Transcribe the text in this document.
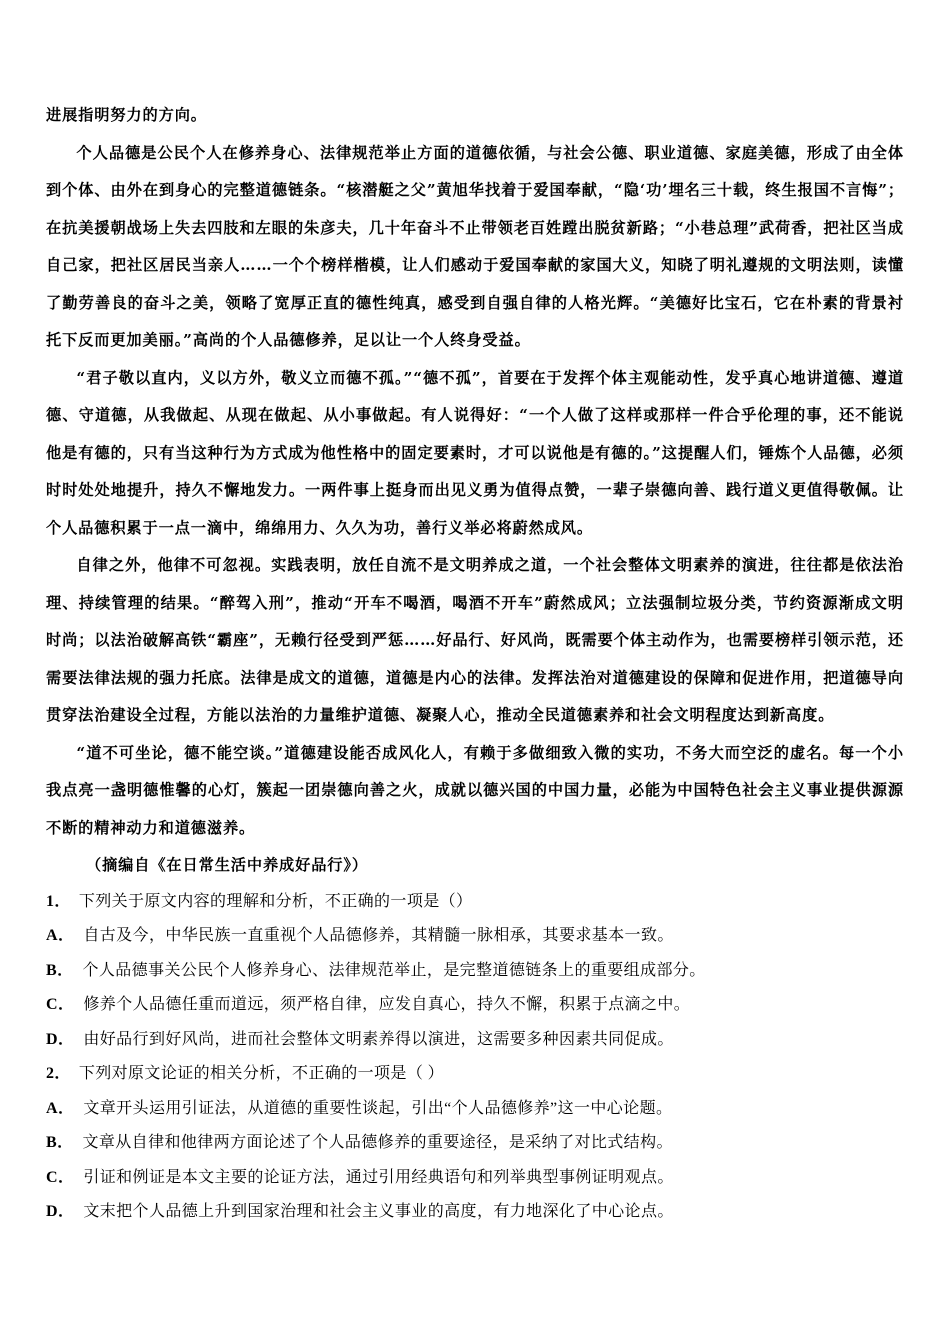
进展指明努力的方向。

个人品德是公民个人在修养身心、法律规范举止方面的道德依循，与社会公德、职业道德、家庭美德，形成了由全体到个体、由外在到身心的完整道德链条。“核潜艇之父”黄旭华找着于爱国奉献，“隐‘功’埋名三十载，终生报国不言悔”；在抗美援朝战场上失去四肢和左眼的朱彦夫，几十年奋斗不止带领老百姓蹚出脱贫新路；“小巷总理”武荷香，把社区当成自己家，把社区居民当亲人……一个个榜样楷模，让人们感动于爱国奉献的家国大义，知晓了明礼遵规的文明法则，读懂了勤劳善良的奋斗之美，领略了宽厚正直的德性纯真，感受到自强自律的人格光辉。“美德好比宝石，它在朴素的背景衬托下反而更加美丽。”高尚的个人品德修养，足以让一个人终身受益。

“君子敬以直内，义以方外，敬义立而德不孤。”“德不孤”，首要在于发挥个体主观能动性，发乎真心地讲道德、遵道德、守道德，从我做起、从现在做起、从小事做起。有人说得好：“一个人做了这样或那样一件合乎伦理的事，还不能说他是有德的，只有当这种行为方式成为他性格中的固定要素时，才可以说他是有德的。”这提醒人们，锤炼个人品德，必须时时处处地提升，持久不懈地发力。一两件事上挺身而出见义勇为值得点赞，一辈子崇德向善、践行道义更值得敬佩。让个人品德积累于一点一滴中，绵绵用力、久久为功，善行义举必将蔚然成风。

自律之外，他律不可忽视。实践表明，放任自流不是文明养成之道，一个社会整体文明素养的演进，往往都是依法治理、持续管理的结果。“醉驾入刑”，推动“开车不喝酒，喝酒不开车”蔚然成风；立法强制垃圾分类，节约资源渐成文明时尚；以法治破解高铁“霸座”，无赖行径受到严惩……好品行、好风尚，既需要个体主动作为，也需要榜样引领示范，还需要法律法规的强力托底。法律是成文的道德，道德是内心的法律。发挥法治对道德建设的保障和促进作用，把道德导向贯穿法治建设全过程，方能以法治的力量维护道德、凝聚人心，推动全民道德素养和社会文明程度达到新高度。

“道不可坐论，德不能空谈。”道德建设能否成风化人，有赖于多做细致入微的实功，不务大而空泛的虚名。每一个小我点亮一盏明德惟馨的心灯，簇起一团崇德向善之火，成就以德兴国的中国力量，必能为中国特色社会主义事业提供源源不断的精神动力和道德滋养。

（摘编自《在日常生活中养成好品行》）

1． 下列关于原文内容的理解和分析，不正确的一项是（）

A． 自古及今，中华民族一直重视个人品德修养，其精髓一脉相承，其要求基本一致。

B． 个人品德事关公民个人修养身心、法律规范举止，是完整道德链条上的重要组成部分。

C． 修养个人品德任重而道远，须严格自律，应发自真心，持久不懈，积累于点滴之中。

D． 由好品行到好风尚，进而社会整体文明素养得以演进，这需要多种因素共同促成。

2． 下列对原文论证的相关分析，不正确的一项是（ ）

A． 文章开头运用引证法，从道德的重要性谈起，引出“个人品德修养”这一中心论题。

B． 文章从自律和他律两方面论述了个人品德修养的重要途径，是采纳了对比式结构。

C． 引证和例证是本文主要的论证方法，通过引用经典语句和列举典型事例证明观点。

D． 文末把个人品德上升到国家治理和社会主义事业的高度，有力地深化了中心论点。
